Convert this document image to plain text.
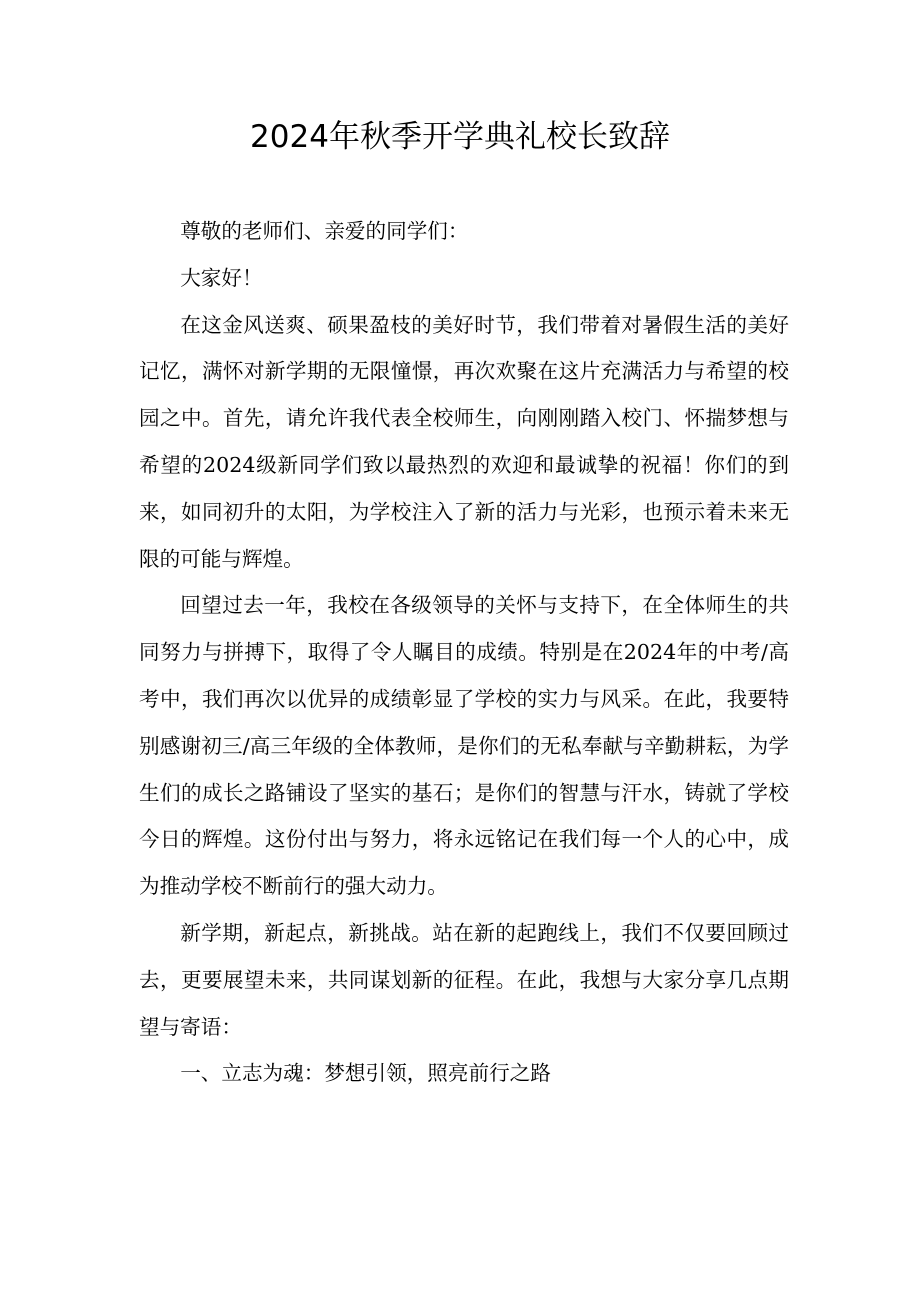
2024年秋季开学典礼校长致辞

尊敬的老师们、亲爱的同学们：

大家好！

在这金风送爽、硕果盈枝的美好时节，我们带着对暑假生活的美好记忆，满怀对新学期的无限憧憬，再次欢聚在这片充满活力与希望的校园之中。首先，请允许我代表全校师生，向刚刚踏入校门、怀揣梦想与希望的2024级新同学们致以最热烈的欢迎和最诚挚的祝福！你们的到来，如同初升的太阳，为学校注入了新的活力与光彩，也预示着未来无限的可能与辉煌。

回望过去一年，我校在各级领导的关怀与支持下，在全体师生的共同努力与拼搏下，取得了令人瞩目的成绩。特别是在2024年的中考/高考中，我们再次以优异的成绩彰显了学校的实力与风采。在此，我要特别感谢初三/高三年级的全体教师，是你们的无私奉献与辛勤耕耘，为学生们的成长之路铺设了坚实的基石；是你们的智慧与汗水，铸就了学校今日的辉煌。这份付出与努力，将永远铭记在我们每一个人的心中，成为推动学校不断前行的强大动力。

新学期，新起点，新挑战。站在新的起跑线上，我们不仅要回顾过去，更要展望未来，共同谋划新的征程。在此，我想与大家分享几点期望与寄语：

一、立志为魂：梦想引领，照亮前行之路
